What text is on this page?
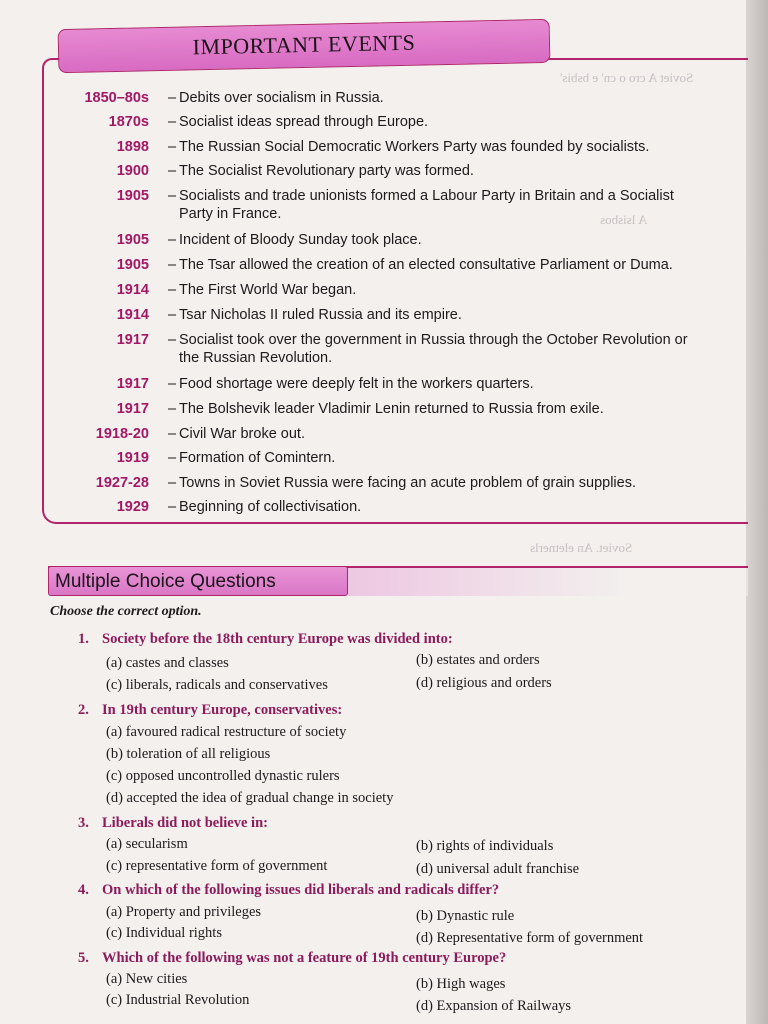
Soviet A cro o cn' e bsbis'
A lsisbos
Soviet. An eletnerls
IMPORTANT EVENTS
1850–80s – Debits over socialism in Russia.
1870s – Socialist ideas spread through Europe.
1898 – The Russian Social Democratic Workers Party was founded by socialists.
1900 – The Socialist Revolutionary party was formed.
1905 – Socialists and trade unionists formed a Labour Party in Britain and a Socialist
Party in France.
1905 – Incident of Bloody Sunday took place.
1905 – The Tsar allowed the creation of an elected consultative Parliament or Duma.
1914 – The First World War began.
1914 – Tsar Nicholas II ruled Russia and its empire.
1917 – Socialist took over the government in Russia through the October Revolution or
the Russian Revolution.
1917 – Food shortage were deeply felt in the workers quarters.
1917 – The Bolshevik leader Vladimir Lenin returned to Russia from exile.
1918-20 – Civil War broke out.
1919 – Formation of Comintern.
1927-28 – Towns in Soviet Russia were facing an acute problem of grain supplies.
1929 – Beginning of collectivisation.
Multiple Choice Questions
Choose the correct option.
1. Society before the 18th century Europe was divided into:
(a) castes and classes	(b) estates and orders
(c) liberals, radicals and conservatives	(d) religious and orders
2. In 19th century Europe, conservatives:
(a) favoured radical restructure of society
(b) toleration of all religious
(c) opposed uncontrolled dynastic rulers
(d) accepted the idea of gradual change in society
3. Liberals did not believe in:
(a) secularism	(b) rights of individuals
(c) representative form of government	(d) universal adult franchise
4. On which of the following issues did liberals and radicals differ?
(a) Property and privileges	(b) Dynastic rule
(c) Individual rights	(d) Representative form of government
5. Which of the following was not a feature of 19th century Europe?
(a) New cities	(b) High wages
(c) Industrial Revolution	(d) Expansion of Railways
